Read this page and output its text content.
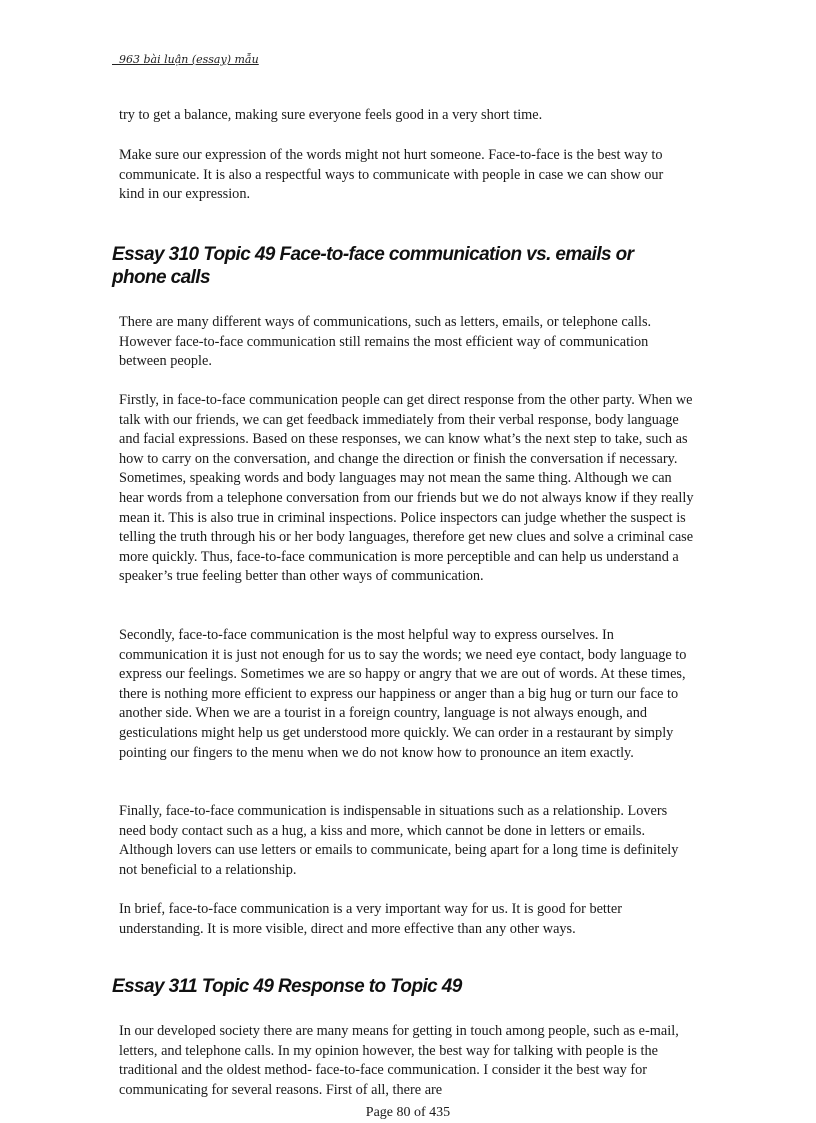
963 bài luận (essay) mẫu

try to get a balance, making sure everyone feels good in a very short time.

Make sure our expression of the words might not hurt someone. Face-to-face is the best way to communicate. It is also a respectful ways to communicate with people in case we can show our kind in our expression.

Essay 310 Topic 49 Face-to-face communication vs. emails or phone calls

There are many different ways of communications, such as letters, emails, or telephone calls. However face-to-face communication still remains the most efficient way of communication between people.

Firstly, in face-to-face communication people can get direct response from the other party. When we talk with our friends, we can get feedback immediately from their verbal response, body language and facial expressions. Based on these responses, we can know what’s the next step to take, such as how to carry on the conversation, and change the direction or finish the conversation if necessary. Sometimes, speaking words and body languages may not mean the same thing. Although we can hear words from a telephone conversation from our friends but we do not always know if they really mean it. This is also true in criminal inspections. Police inspectors can judge whether the suspect is telling the truth through his or her body languages, therefore get new clues and solve a criminal case more quickly. Thus, face-to-face communication is more perceptible and can help us understand a speaker’s true feeling better than other ways of communication.

Secondly, face-to-face communication is the most helpful way to express ourselves. In communication it is just not enough for us to say the words; we need eye contact, body language to express our feelings. Sometimes we are so happy or angry that we are out of words. At these times, there is nothing more efficient to express our happiness or anger than a big hug or turn our face to another side. When we are a tourist in a foreign country, language is not always enough, and gesticulations might help us get understood more quickly. We can order in a restaurant by simply pointing our fingers to the menu when we do not know how to pronounce an item exactly.

Finally, face-to-face communication is indispensable in situations such as a relationship. Lovers need body contact such as a hug, a kiss and more, which cannot be done in letters or emails. Although lovers can use letters or emails to communicate, being apart for a long time is definitely not beneficial to a relationship.

In brief, face-to-face communication is a very important way for us. It is good for better understanding. It is more visible, direct and more effective than any other ways.

Essay 311 Topic 49 Response to Topic 49

In our developed society there are many means for getting in touch among people, such as e-mail, letters, and telephone calls. In my opinion however, the best way for talking with people is the traditional and the oldest method- face-to-face communication. I consider it the best way for communicating for several reasons. First of all, there are

Page 80 of 435
